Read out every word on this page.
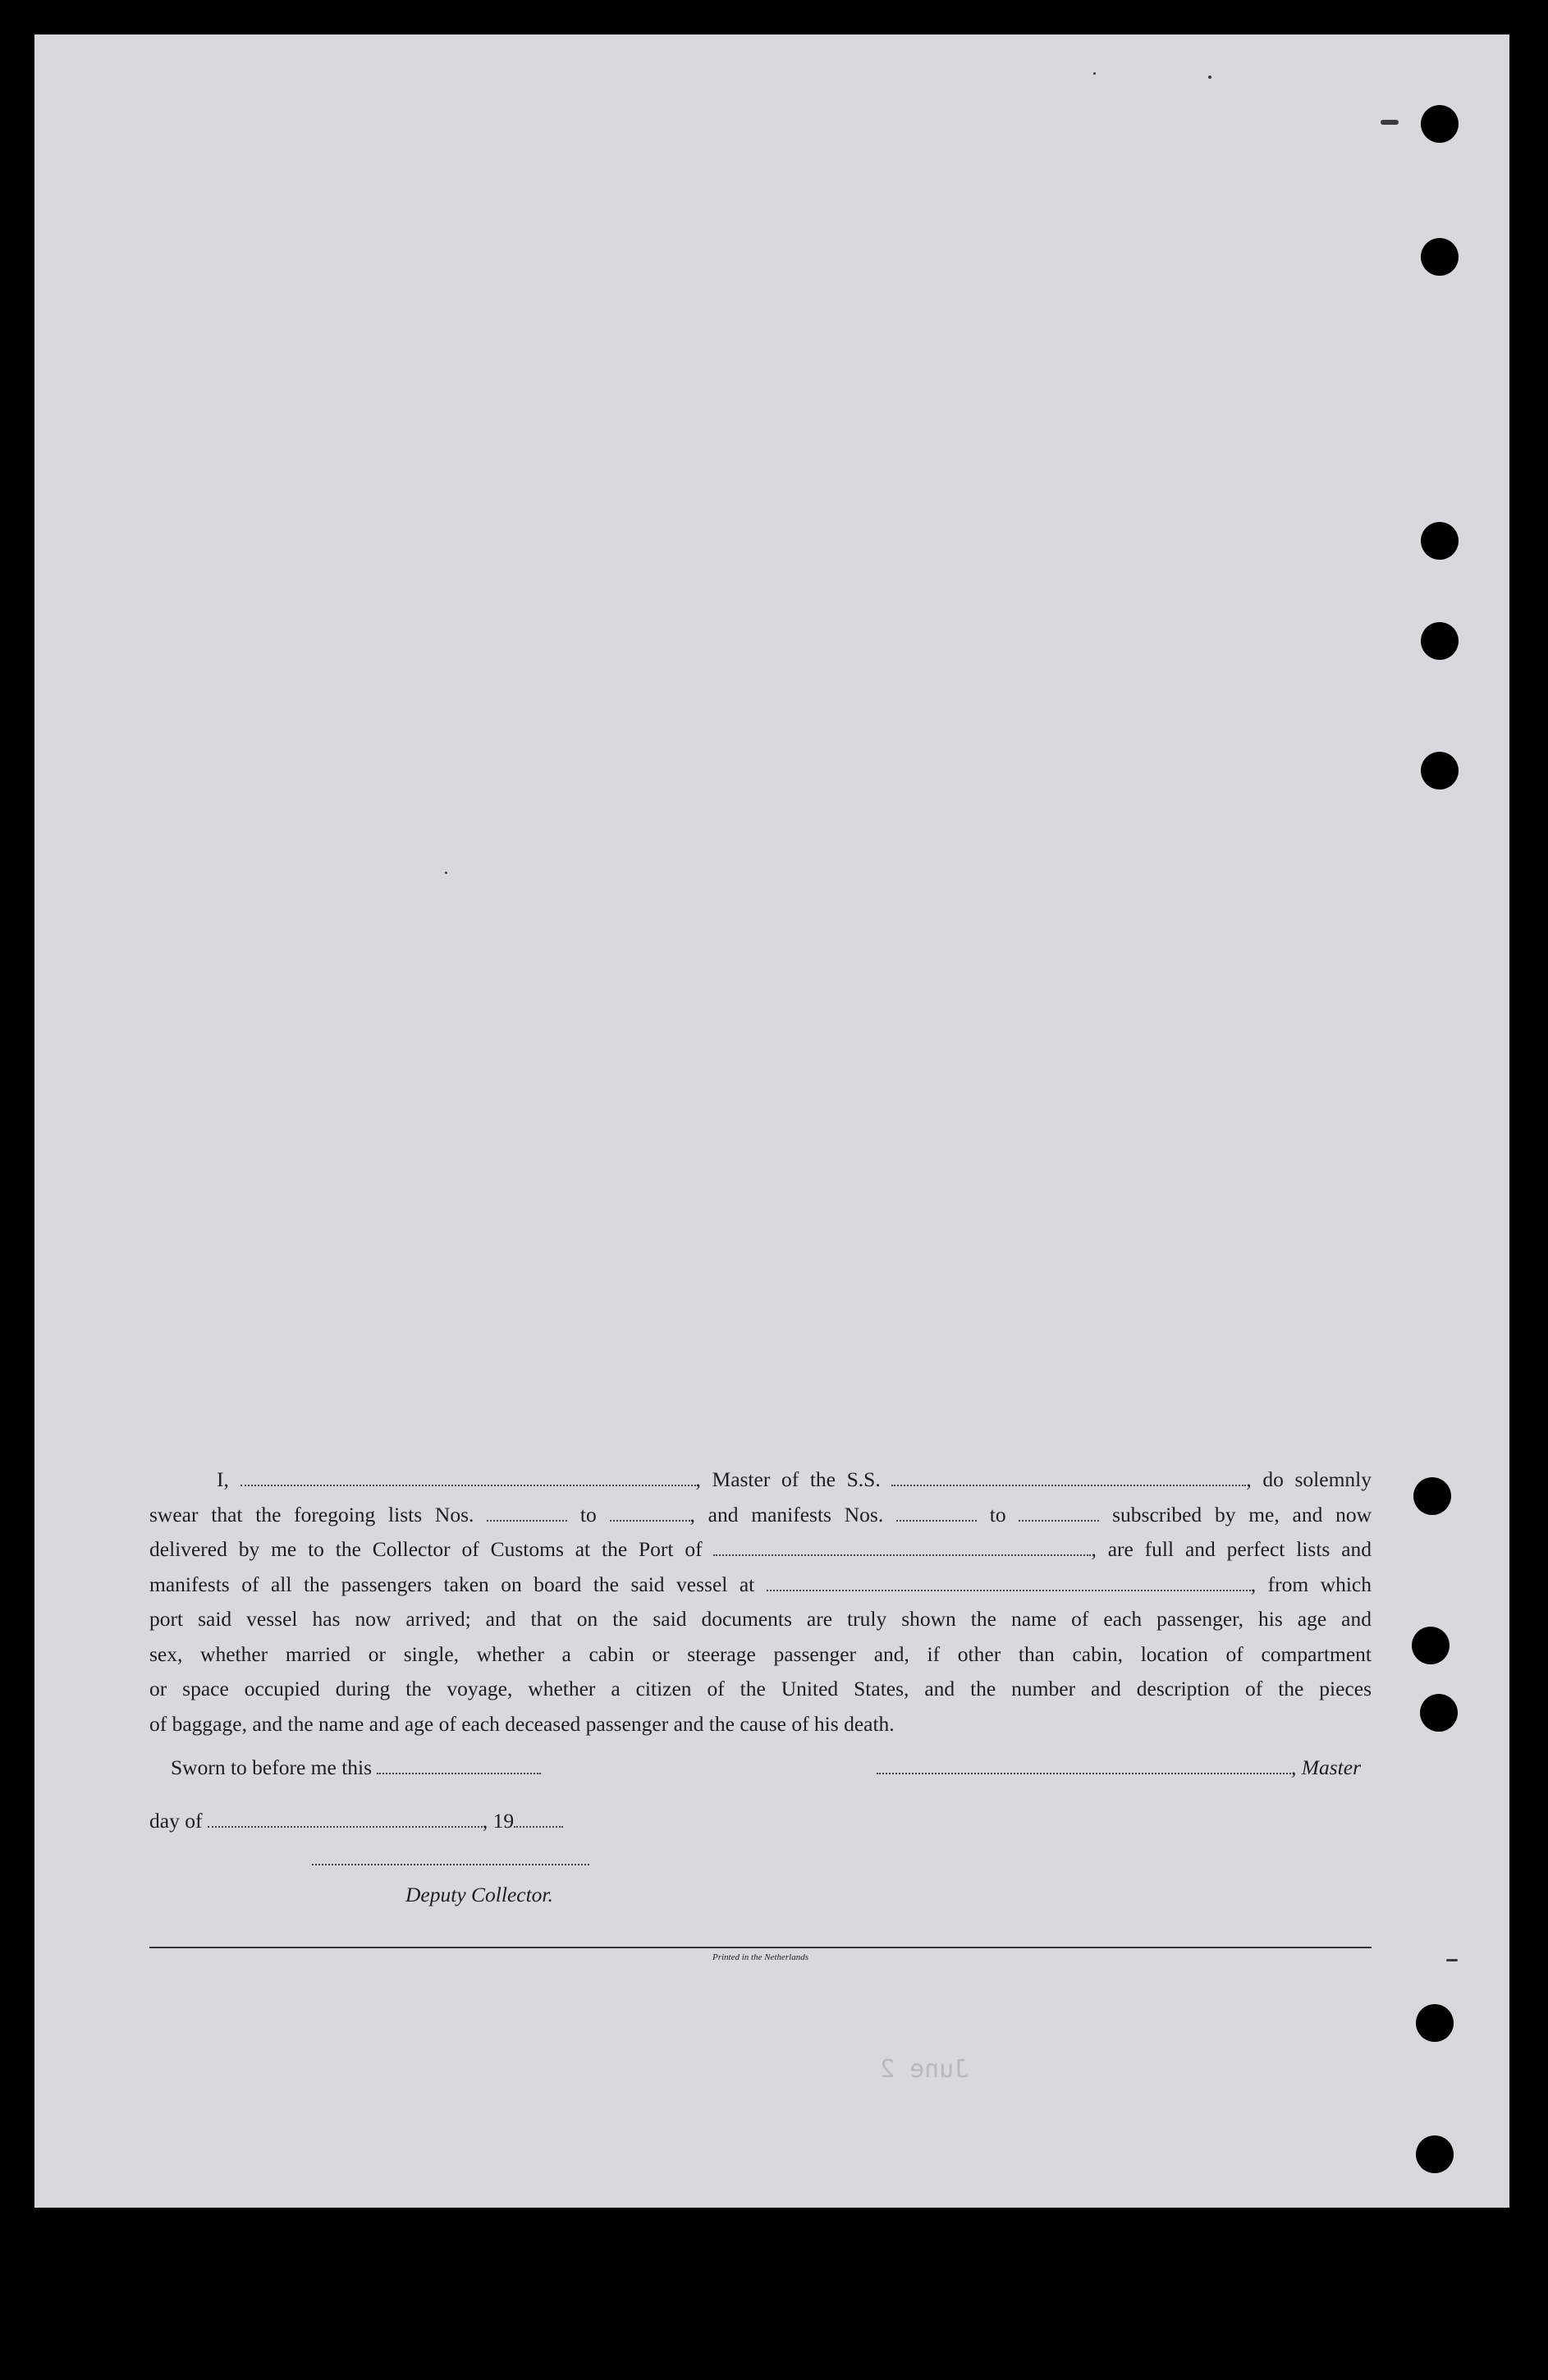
I,	, Master of the S.S.	, do solemnly

swear that the foregoing lists Nos.	to	, and manifests Nos.	to	subscribed by me, and now

delivered by me to the Collector of Customs at the Port of	, are full and perfect lists and

manifests of all the passengers taken on board the said vessel at	, from which

port said vessel has now arrived; and that on the said documents are truly shown the name of each passenger, his age and

sex, whether married or single, whether a cabin or steerage passenger and, if other than cabin, location of compartment

or space occupied during the voyage, whether a citizen of the United States, and the number and description of the pieces

of baggage, and the name and age of each deceased passenger and the cause of his death.

Sworn to before me this	, Master
day of	, 19
Deputy Collector.
Printed in the Netherlands
June 2
